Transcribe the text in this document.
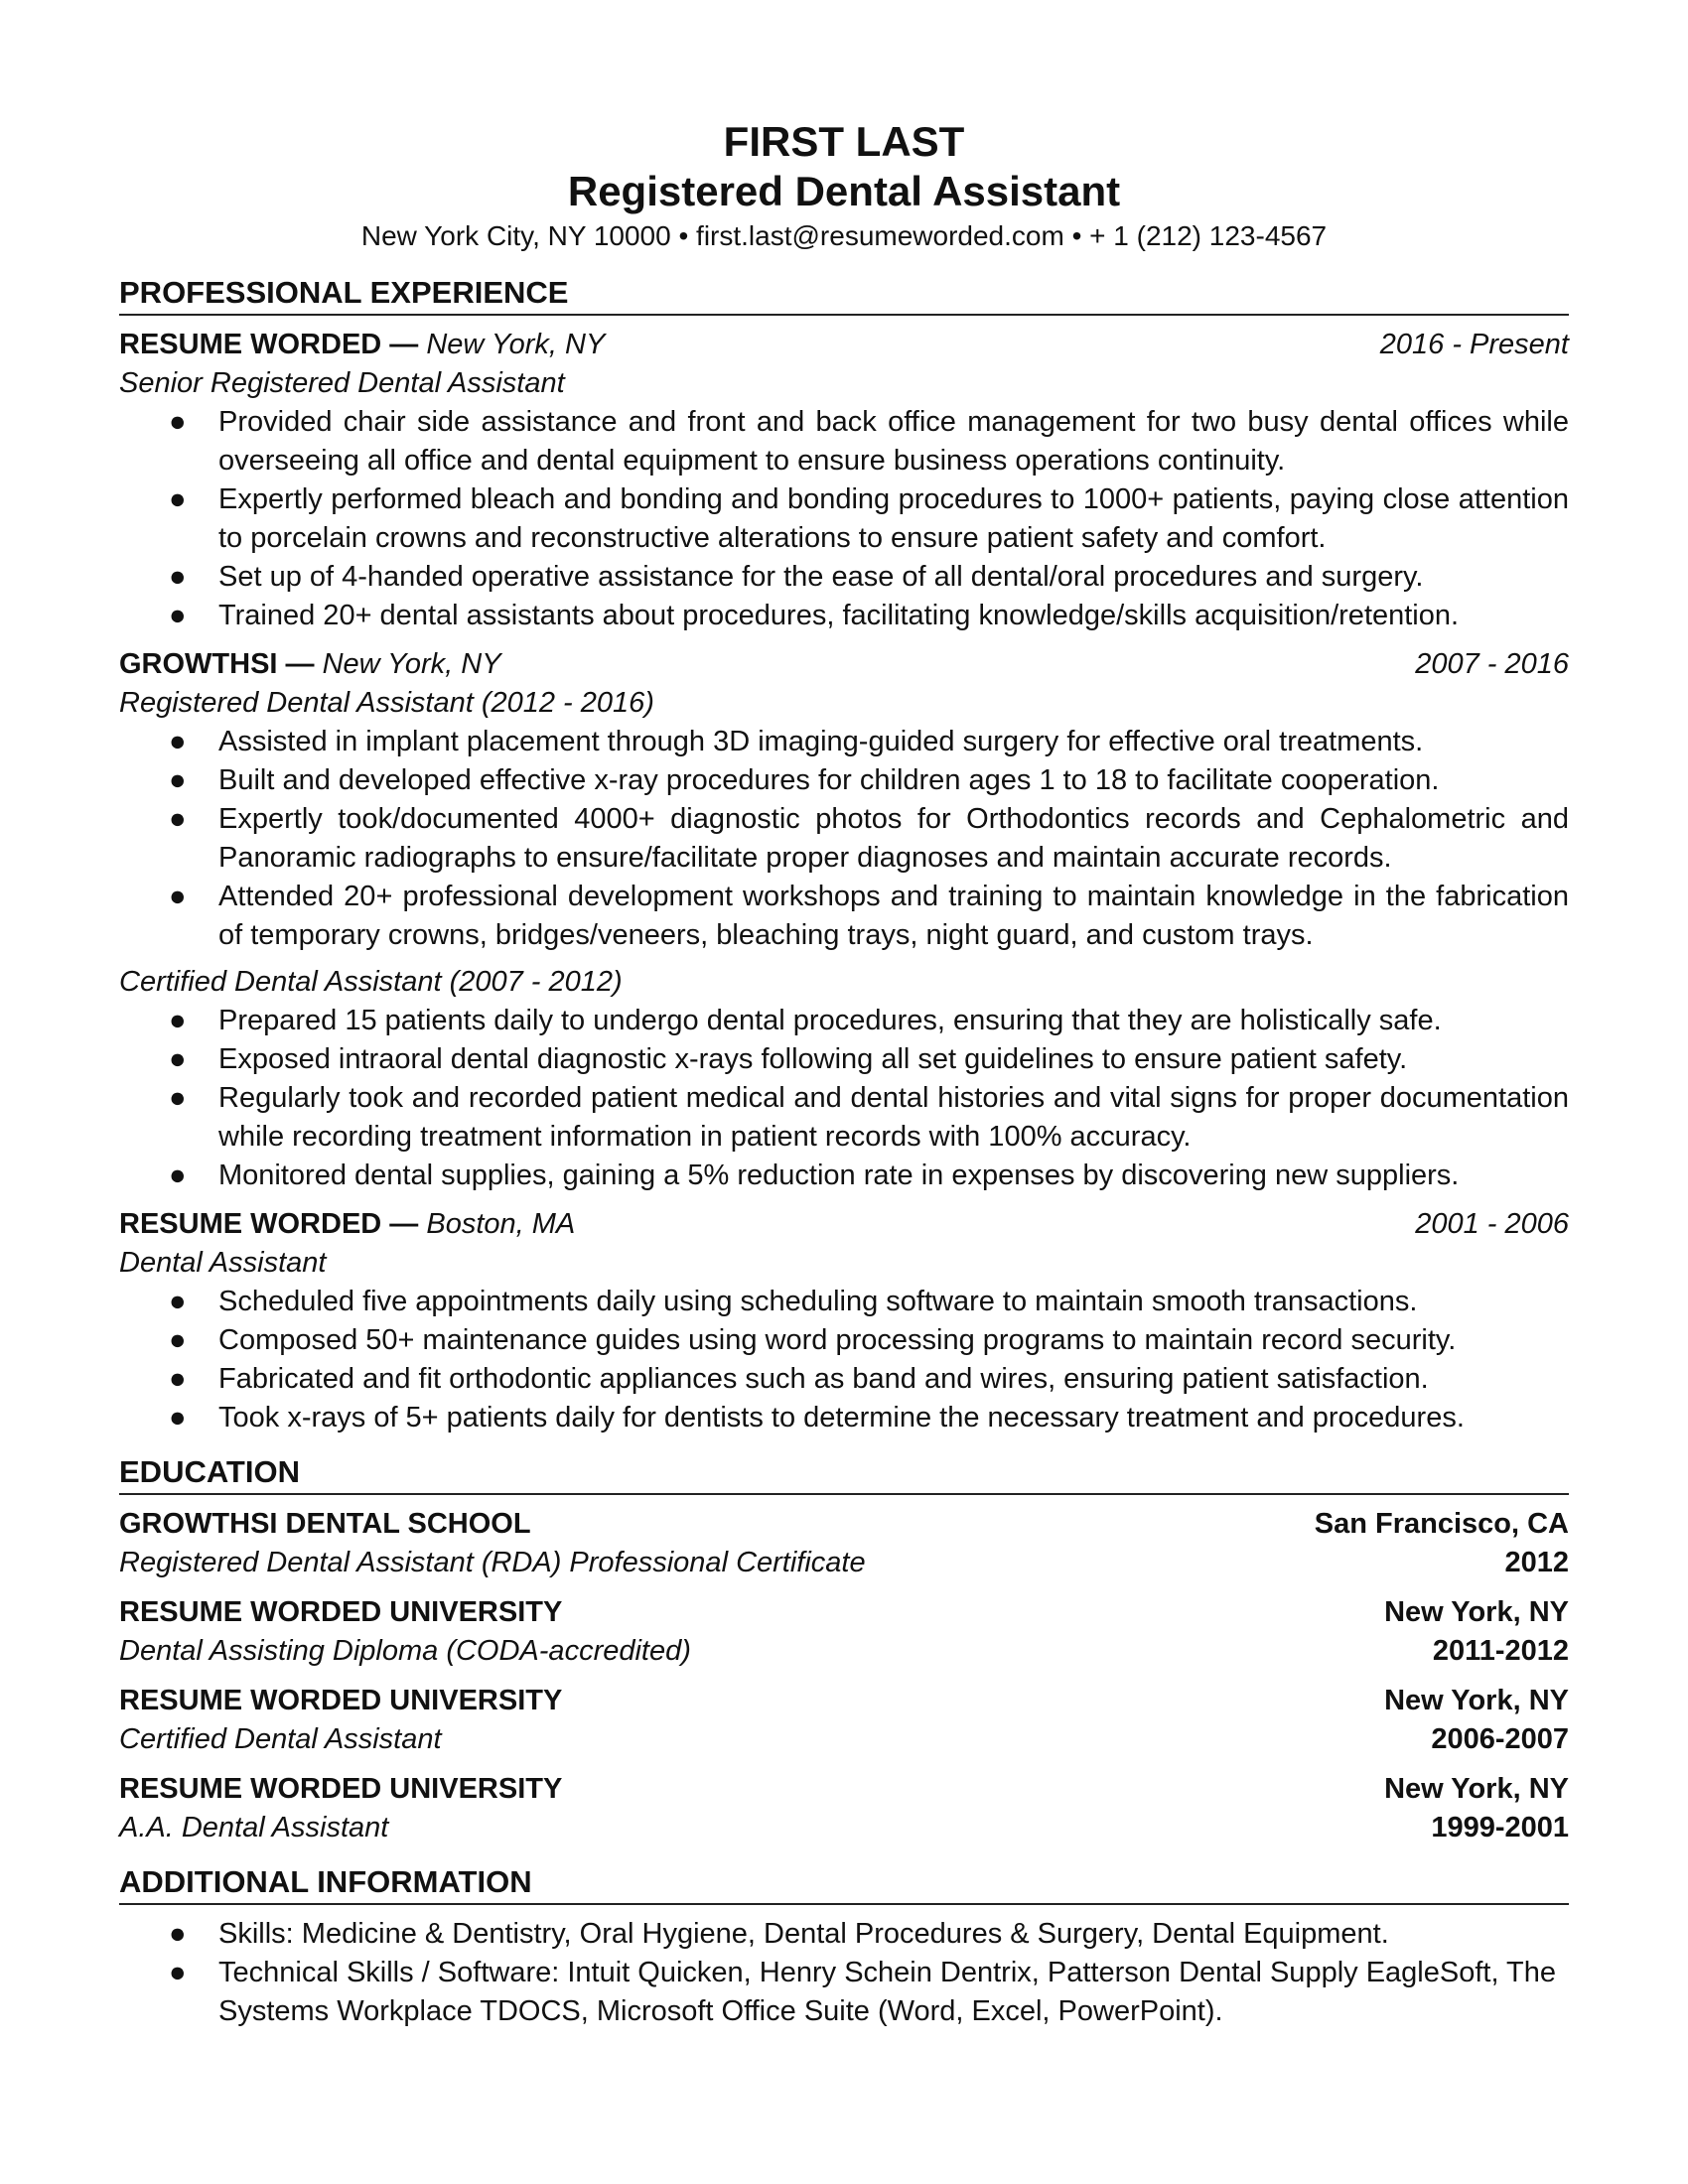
FIRST LAST
Registered Dental Assistant
New York City, NY 10000 • first.last@resumeworded.com • + 1 (212) 123-4567
PROFESSIONAL EXPERIENCE
RESUME WORDED — New York, NY	2016 - Present
Senior Registered Dental Assistant
● Provided chair side assistance and front and back office management for two busy dental offices while overseeing all office and dental equipment to ensure business operations continuity.
● Expertly performed bleach and bonding and bonding procedures to 1000+ patients, paying close attention to porcelain crowns and reconstructive alterations to ensure patient safety and comfort.
● Set up of 4-handed operative assistance for the ease of all dental/oral procedures and surgery.
● Trained 20+ dental assistants about procedures, facilitating knowledge/skills acquisition/retention.
GROWTHSI — New York, NY	2007 - 2016
Registered Dental Assistant (2012 - 2016)
● Assisted in implant placement through 3D imaging-guided surgery for effective oral treatments.
● Built and developed effective x-ray procedures for children ages 1 to 18 to facilitate cooperation.
● Expertly took/documented 4000+ diagnostic photos for Orthodontics records and Cephalometric and Panoramic radiographs to ensure/facilitate proper diagnoses and maintain accurate records.
● Attended 20+ professional development workshops and training to maintain knowledge in the fabrication of temporary crowns, bridges/veneers, bleaching trays, night guard, and custom trays.
Certified Dental Assistant (2007 - 2012)
● Prepared 15 patients daily to undergo dental procedures, ensuring that they are holistically safe.
● Exposed intraoral dental diagnostic x-rays following all set guidelines to ensure patient safety.
● Regularly took and recorded patient medical and dental histories and vital signs for proper documentation while recording treatment information in patient records with 100% accuracy.
● Monitored dental supplies, gaining a 5% reduction rate in expenses by discovering new suppliers.
RESUME WORDED — Boston, MA	2001 - 2006
Dental Assistant
● Scheduled five appointments daily using scheduling software to maintain smooth transactions.
● Composed 50+ maintenance guides using word processing programs to maintain record security.
● Fabricated and fit orthodontic appliances such as band and wires, ensuring patient satisfaction.
● Took x-rays of 5+ patients daily for dentists to determine the necessary treatment and procedures.
EDUCATION
GROWTHSI DENTAL SCHOOL	San Francisco, CA
Registered Dental Assistant (RDA) Professional Certificate	2012
RESUME WORDED UNIVERSITY	New York, NY
Dental Assisting Diploma (CODA-accredited)	2011-2012
RESUME WORDED UNIVERSITY	New York, NY
Certified Dental Assistant	2006-2007
RESUME WORDED UNIVERSITY	New York, NY
A.A. Dental Assistant	1999-2001
ADDITIONAL INFORMATION
● Skills: Medicine & Dentistry, Oral Hygiene, Dental Procedures & Surgery, Dental Equipment.
● Technical Skills / Software: Intuit Quicken, Henry Schein Dentrix, Patterson Dental Supply EagleSoft, The Systems Workplace TDOCS, Microsoft Office Suite (Word, Excel, PowerPoint).
